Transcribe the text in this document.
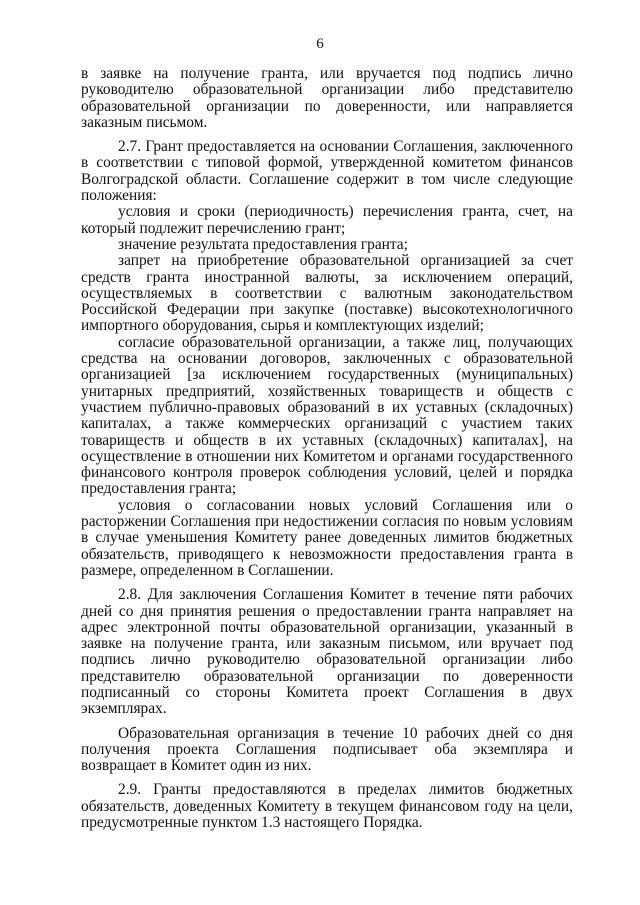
6

в заявке на получение гранта, или вручается под подпись лично руководителю образовательной организации либо представителю образовательной организации по доверенности, или направляется заказным письмом.

2.7. Грант предоставляется на основании Соглашения, заключенного в соответствии с типовой формой, утвержденной комитетом финансов Волгоградской области. Соглашение содержит в том числе следующие положения:

условия и сроки (периодичность) перечисления гранта, счет, на который подлежит перечислению грант;

значение результата предоставления гранта;

запрет на приобретение образовательной организацией за счет средств гранта иностранной валюты, за исключением операций, осуществляемых в соответствии с валютным законодательством Российской Федерации при закупке (поставке) высокотехнологичного импортного оборудования, сырья и комплектующих изделий;

согласие образовательной организации, а также лиц, получающих средства на основании договоров, заключенных с образовательной организацией [за исключением государственных (муниципальных) унитарных предприятий, хозяйственных товариществ и обществ с участием публично-правовых образований в их уставных (складочных) капиталах, а также коммерческих организаций с участием таких товариществ и обществ в их уставных (складочных) капиталах], на осуществление в отношении них Комитетом и органами государственного финансового контроля проверок соблюдения условий, целей и порядка предоставления гранта;

условия о согласовании новых условий Соглашения или о расторжении Соглашения при недостижении согласия по новым условиям в случае уменьшения Комитету ранее доведенных лимитов бюджетных обязательств, приводящего к невозможности предоставления гранта в размере, определенном в Соглашении.

2.8. Для заключения Соглашения Комитет в течение пяти рабочих дней со дня принятия решения о предоставлении гранта направляет на адрес электронной почты образовательной организации, указанный в заявке на получение гранта, или заказным письмом, или вручает под подпись лично руководителю образовательной организации либо представителю образовательной организации по доверенности подписанный со стороны Комитета проект Соглашения в двух экземплярах.

Образовательная организация в течение 10 рабочих дней со дня получения проекта Соглашения подписывает оба экземпляра и возвращает в Комитет один из них.

2.9. Гранты предоставляются в пределах лимитов бюджетных обязательств, доведенных Комитету в текущем финансовом году на цели, предусмотренные пунктом 1.3 настоящего Порядка.
